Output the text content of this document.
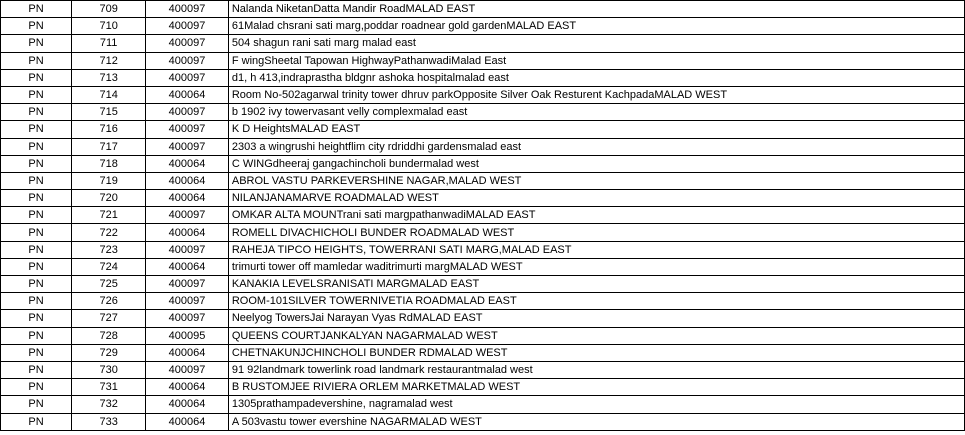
PN	709	400097	Nalanda NiketanDatta Mandir RoadMALAD EAST
PN	710	400097	61Malad chsrani sati marg,poddar roadnear gold gardenMALAD EAST
PN	711	400097	504 shagun rani sati marg malad east
PN	712	400097	F wingSheetal Tapowan HighwayPathanwadiMalad East
PN	713	400097	d1, h 413,indraprastha bldgnr ashoka hospitalmalad east
PN	714	400064	Room No-502agarwal trinity tower dhruv parkOpposite Silver Oak Resturent KachpadaMALAD WEST
PN	715	400097	b 1902 ivy towervasant velly complexmalad east
PN	716	400097	K D HeightsMALAD EAST
PN	717	400097	2303 a wingrushi heightflim city rdriddhi gardensmalad east
PN	718	400064	C WINGdheeraj gangachincholi bundermalad west
PN	719	400064	ABROL VASTU PARKEVERSHINE NAGAR,MALAD WEST
PN	720	400064	NILANJANAMARVE ROADMALAD WEST
PN	721	400097	OMKAR ALTA MOUNTrani sati margpathanwadiMALAD EAST
PN	722	400064	ROMELL DIVACHICHOLI BUNDER ROADMALAD WEST
PN	723	400097	RAHEJA TIPCO HEIGHTS, TOWERRANI SATI MARG,MALAD EAST
PN	724	400064	trimurti tower off mamledar waditrimurti margMALAD WEST
PN	725	400097	KANAKIA LEVELSRANISATI MARGMALAD EAST
PN	726	400097	ROOM-101SILVER TOWERNIVETIA ROADMALAD EAST
PN	727	400097	Neelyog TowersJai Narayan Vyas RdMALAD EAST
PN	728	400095	QUEENS COURTJANKALYAN NAGARMALAD WEST
PN	729	400064	CHETNAKUNJCHINCHOLI BUNDER RDMALAD WEST
PN	730	400097	91 92landmark towerlink road landmark restaurantmalad west
PN	731	400064	B RUSTOMJEE RIVIERA ORLEM MARKETMALAD WEST
PN	732	400064	1305prathampadevershine, nagramalad west
PN	733	400064	A 503vastu tower evershine NAGARMALAD WEST
